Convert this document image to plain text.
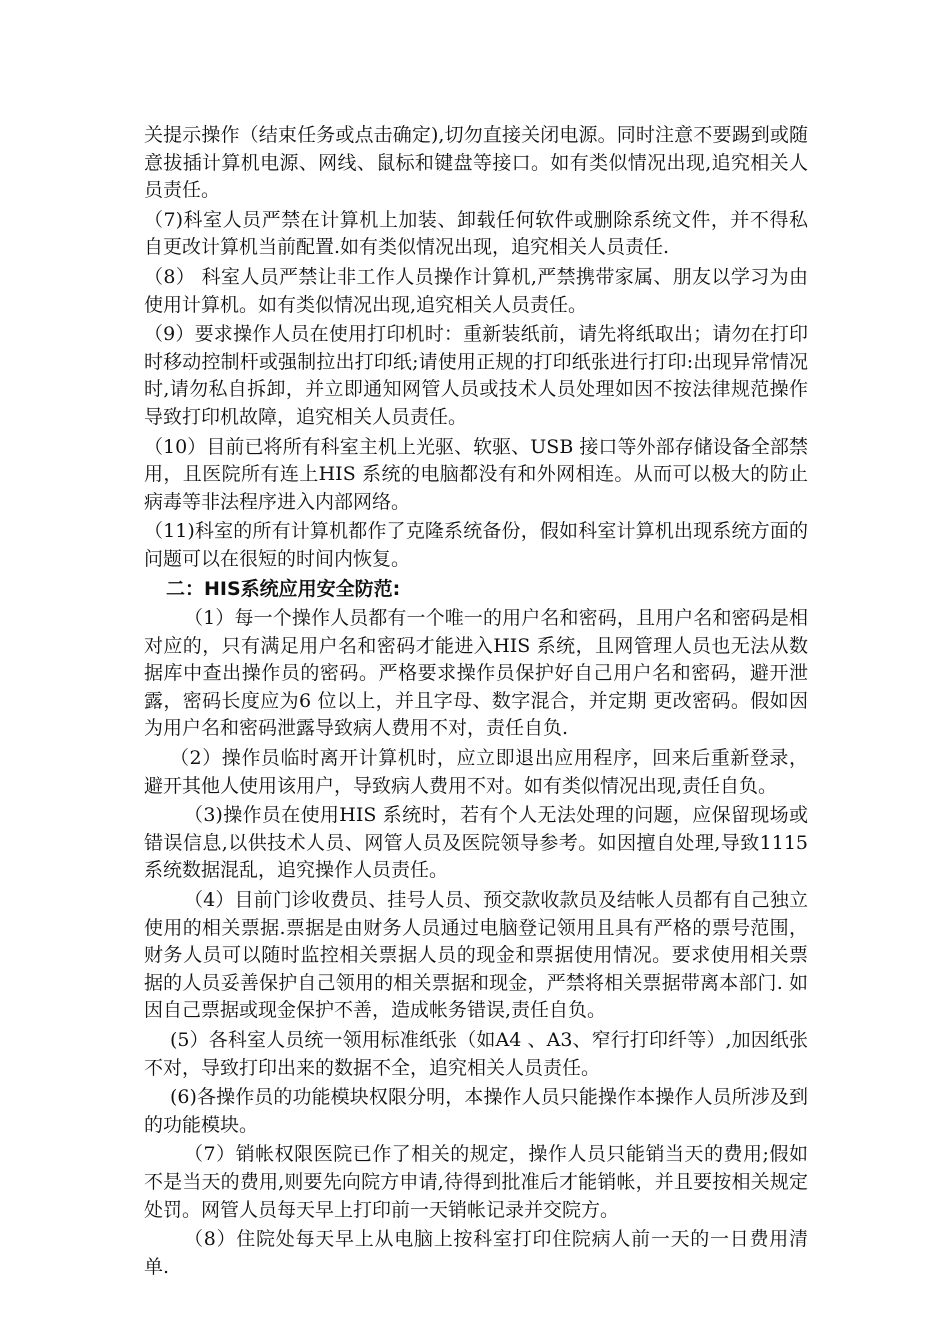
关提示操作（结束任务或点击确定),切勿直接关闭电源。同时注意不要踢到或随意拔插计算机电源、网线、鼠标和键盘等接口。如有类似情况出现,追究相关人员责任。

（7)科室人员严禁在计算机上加装、卸载任何软件或删除系统文件，并不得私自更改计算机当前配置.如有类似情况出现，追究相关人员责任.

（8） 科室人员严禁让非工作人员操作计算机,严禁携带家属、朋友以学习为由使用计算机。如有类似情况出现,追究相关人员责任。

（9）要求操作人员在使用打印机时：重新装纸前，请先将纸取出；请勿在打印时移动控制杆或强制拉出打印纸;请使用正规的打印纸张进行打印:出现异常情况时,请勿私自拆卸，并立即通知网管人员或技术人员处理如因不按法律规范操作导致打印机故障，追究相关人员责任。

（10）目前已将所有科室主机上光驱、软驱、USB 接口等外部存储设备全部禁用，且医院所有连上HIS 系统的电脑都没有和外网相连。从而可以极大的防止病毒等非法程序进入内部网络。

（11)科室的所有计算机都作了克隆系统备份，假如科室计算机出现系统方面的问题可以在很短的时间内恢复。

二：HIS系统应用安全防范:

（1）每一个操作人员都有一个唯一的用户名和密码，且用户名和密码是相对应的，只有满足用户名和密码才能进入HIS 系统，且网管理人员也无法从数据库中查出操作员的密码。严格要求操作员保护好自己用户名和密码，避开泄露，密码长度应为6 位以上，并且字母、数字混合，并定期 更改密码。假如因为用户名和密码泄露导致病人费用不对，责任自负.

（2）操作员临时离开计算机时，应立即退出应用程序，回来后重新登录，避开其他人使用该用户，导致病人费用不对。如有类似情况出现,责任自负。

（3)操作员在使用HIS 系统时，若有个人无法处理的问题，应保留现场或错误信息,以供技术人员、网管人员及医院领导参考。如因擅自处理,导致1115 系统数据混乱，追究操作人员责任。

（4）目前门诊收费员、挂号人员、预交款收款员及结帐人员都有自己独立使用的相关票据.票据是由财务人员通过电脑登记领用且具有严格的票号范围，财务人员可以随时监控相关票据人员的现金和票据使用情况。要求使用相关票据的人员妥善保护自己领用的相关票据和现金，严禁将相关票据带离本部门. 如因自己票据或现金保护不善，造成帐务错误,责任自负。

(5）各科室人员统一领用标准纸张（如A4 、A3、窄行打印纤等）,加因纸张不对，导致打印出来的数据不全，追究相关人员责任。

(6)各操作员的功能模块权限分明，本操作人员只能操作本操作人员所涉及到的功能模块。

（7）销帐权限医院已作了相关的规定，操作人员只能销当天的费用;假如不是当天的费用,则要先向院方申请,待得到批准后才能销帐，并且要按相关规定处罚。网管人员每天早上打印前一天销帐记录并交院方。

（8）住院处每天早上从电脑上按科室打印住院病人前一天的一日费用清单.
